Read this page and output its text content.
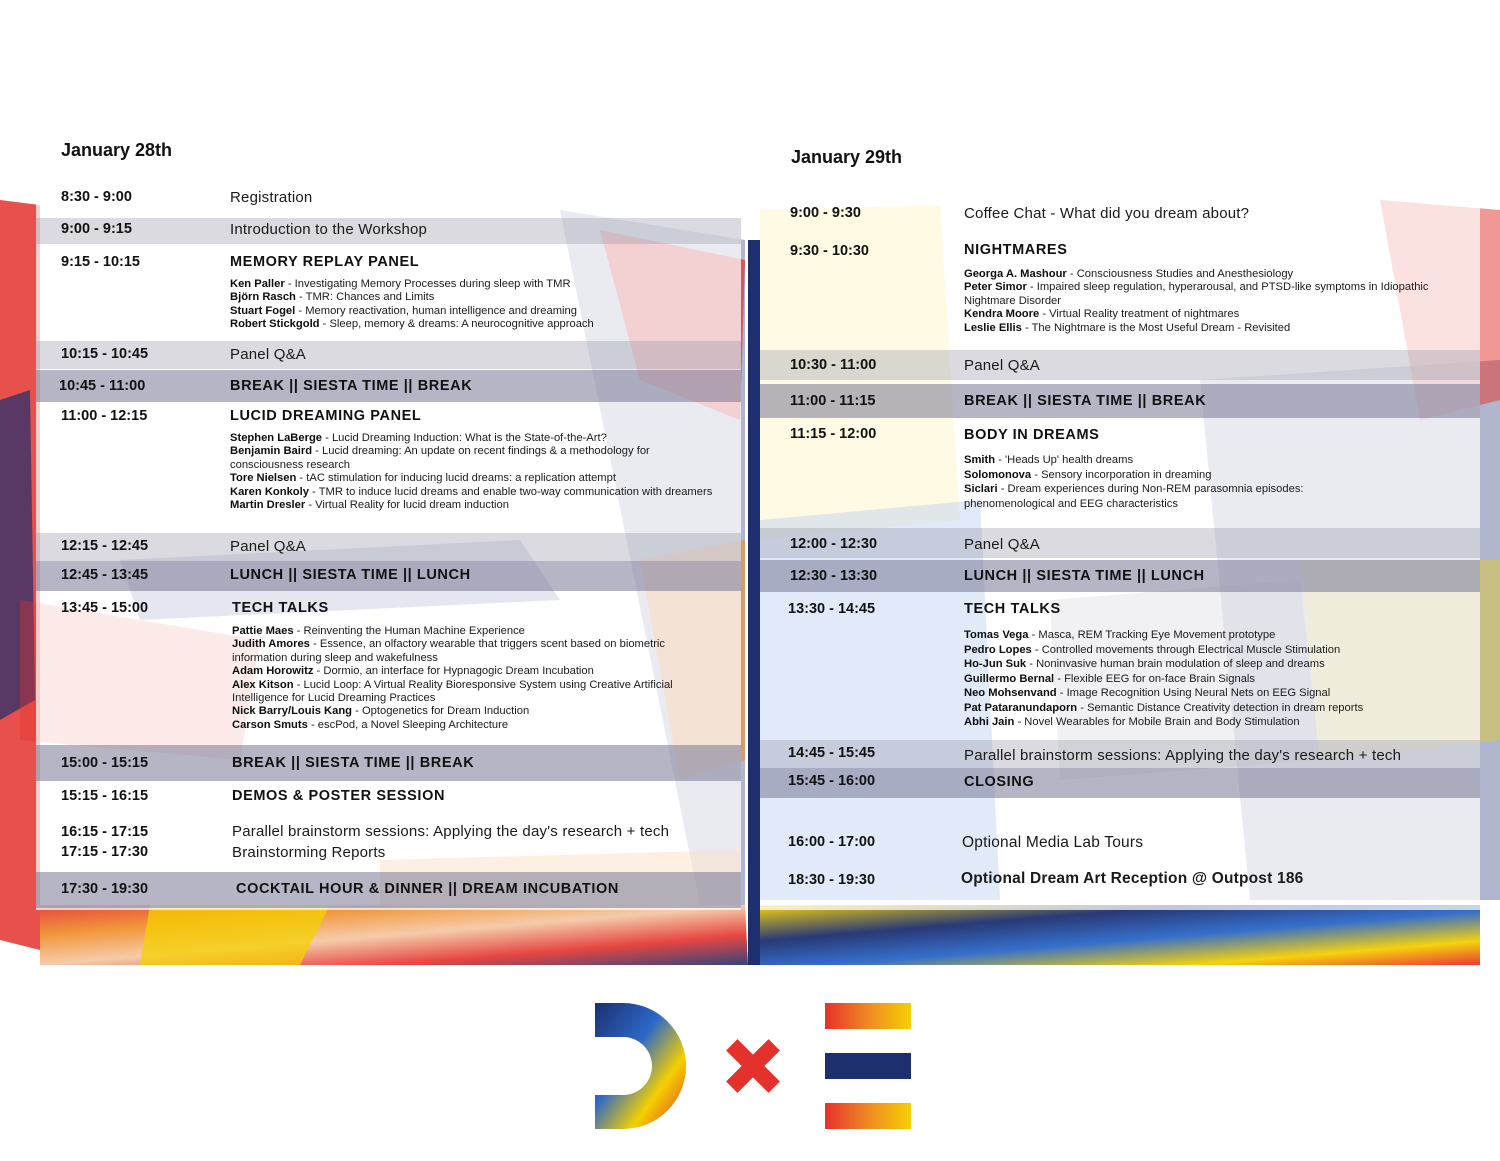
January 28th
8:30 - 9:00	Registration
9:00 - 9:15	Introduction to the Workshop
9:15 - 10:15	MEMORY REPLAY PANEL
Ken Paller - Investigating Memory Processes during sleep with TMR
Björn Rasch - TMR: Chances and Limits
Stuart Fogel - Memory reactivation, human intelligence and dreaming
Robert Stickgold - Sleep, memory & dreams: A neurocognitive approach
10:15 - 10:45	Panel Q&A
10:45 - 11:00	BREAK || SIESTA TIME || BREAK
11:00 - 12:15	LUCID DREAMING PANEL
Stephen LaBerge - Lucid Dreaming Induction: What is the State-of-the-Art?
Benjamin Baird - Lucid dreaming: An update on recent findings & a methodology for consciousness research
Tore Nielsen - tAC stimulation for inducing lucid dreams: a replication attempt
Karen Konkoly - TMR to induce lucid dreams and enable two-way communication with dreamers
Martin Dresler - Virtual Reality for lucid dream induction
12:15 - 12:45	Panel Q&A
12:45 - 13:45	LUNCH || SIESTA TIME || LUNCH
13:45 - 15:00	TECH TALKS
Pattie Maes - Reinventing the Human Machine Experience
Judith Amores - Essence, an olfactory wearable that triggers scent based on biometric information during sleep and wakefulness
Adam Horowitz - Dormio, an interface for Hypnagogic Dream Incubation
Alex Kitson - Lucid Loop: A Virtual Reality Bioresponsive System using Creative Artificial Intelligence for Lucid Dreaming Practices
Nick Barry/Louis Kang - Optogenetics for Dream Induction
Carson Smuts - escPod, a Novel Sleeping Architecture
15:00 - 15:15	BREAK || SIESTA TIME || BREAK
15:15 - 16:15	DEMOS & POSTER SESSION
16:15 - 17:15	Parallel brainstorm sessions: Applying the day's research + tech
17:15 - 17:30	Brainstorming Reports
17:30 - 19:30	COCKTAIL HOUR & DINNER || DREAM INCUBATION
January 29th
9:00 - 9:30	Coffee Chat - What did you dream about?
9:30 - 10:30	NIGHTMARES
Georga A. Mashour - Consciousness Studies and Anesthesiology
Peter Simor - Impaired sleep regulation, hyperarousal, and PTSD-like symptoms in Idiopathic Nightmare Disorder
Kendra Moore - Virtual Reality treatment of nightmares
Leslie Ellis - The Nightmare is the Most Useful Dream - Revisited
10:30 - 11:00	Panel Q&A
11:00 - 11:15	BREAK || SIESTA TIME || BREAK
11:15 - 12:00	BODY IN DREAMS
Smith - 'Heads Up' health dreams
Solomonova - Sensory incorporation in dreaming
Siclari - Dream experiences during Non-REM parasomnia episodes: phenomenological and EEG characteristics
12:00 - 12:30	Panel Q&A
12:30 - 13:30	LUNCH || SIESTA TIME || LUNCH
13:30 - 14:45	TECH TALKS
Tomas Vega - Masca, REM Tracking Eye Movement prototype
Pedro Lopes - Controlled movements through Electrical Muscle Stimulation
Ho-Jun Suk - Noninvasive human brain modulation of sleep and dreams
Guillermo Bernal - Flexible EEG for on-face Brain Signals
Neo Mohsenvand - Image Recognition Using Neural Nets on EEG Signal
Pat Pataranundaporn - Semantic Distance Creativity detection in dream reports
Abhi Jain - Novel Wearables for Mobile Brain and Body Stimulation
14:45 - 15:45	Parallel brainstorm sessions: Applying the day's research + tech
15:45 - 16:00	CLOSING
16:00 - 17:00	Optional Media Lab Tours
18:30 - 19:30	Optional Dream Art Reception @ Outpost 186
